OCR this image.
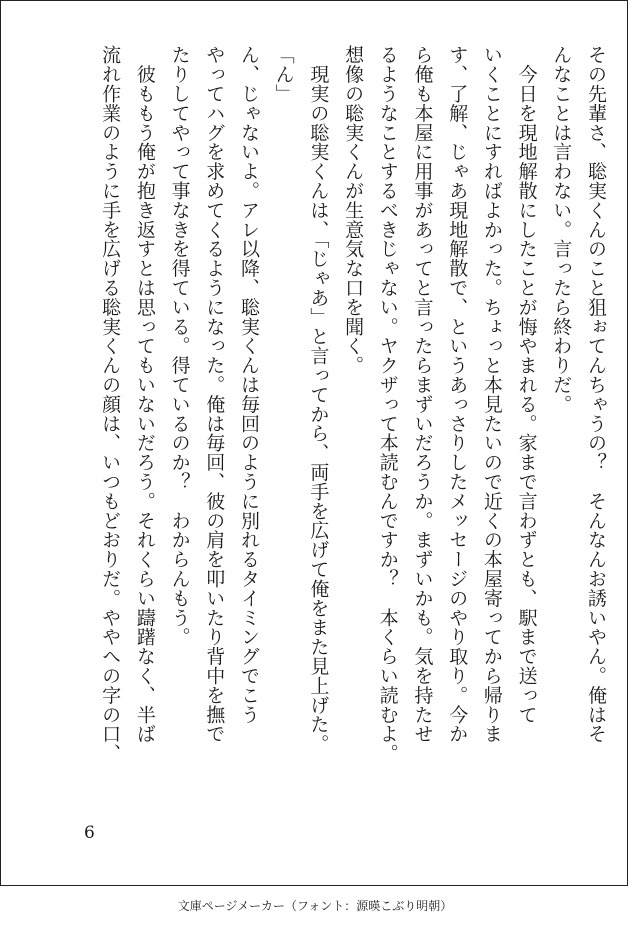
その先輩さ、聡実くんのこと狙ぉてんちゃうの？　そんなんお誘いやん。俺はそ
んなことは言わない。言ったら終わりだ。
　今日を現地解散にしたことが悔やまれる。家まで言わずとも、駅まで送って
いくことにすればよかった。ちょっと本見たいので近くの本屋寄ってから帰りま
す、了解、じゃあ現地解散で、というあっさりしたメッセージのやり取り。今か
ら俺も本屋に用事があってと言ったらまずいだろうか。まずいかも。気を持たせ
るようなことするべきじゃない。ヤクザって本読むんですか？　本くらい読むよ。
想像の聡実くんが生意気な口を聞く。
　現実の聡実くんは、「じゃあ」と言ってから、両手を広げて俺をまた見上げた。
「ん」
ん、じゃないよ。アレ以降、聡実くんは毎回のように別れるタイミングでこう
やってハグを求めてくるようになった。俺は毎回、彼の肩を叩いたり背中を撫で
たりしてやって事なきを得ている。得ているのか？　わからんもう。
　彼ももう俺が抱き返すとは思ってもいないだろう。それくらい躊躇なく、半ば
流れ作業のように手を広げる聡実くんの顔は、いつもどおりだ。ややへの字の口、
6
文庫ページメーカー（フォント：源暎こぶり明朝）
